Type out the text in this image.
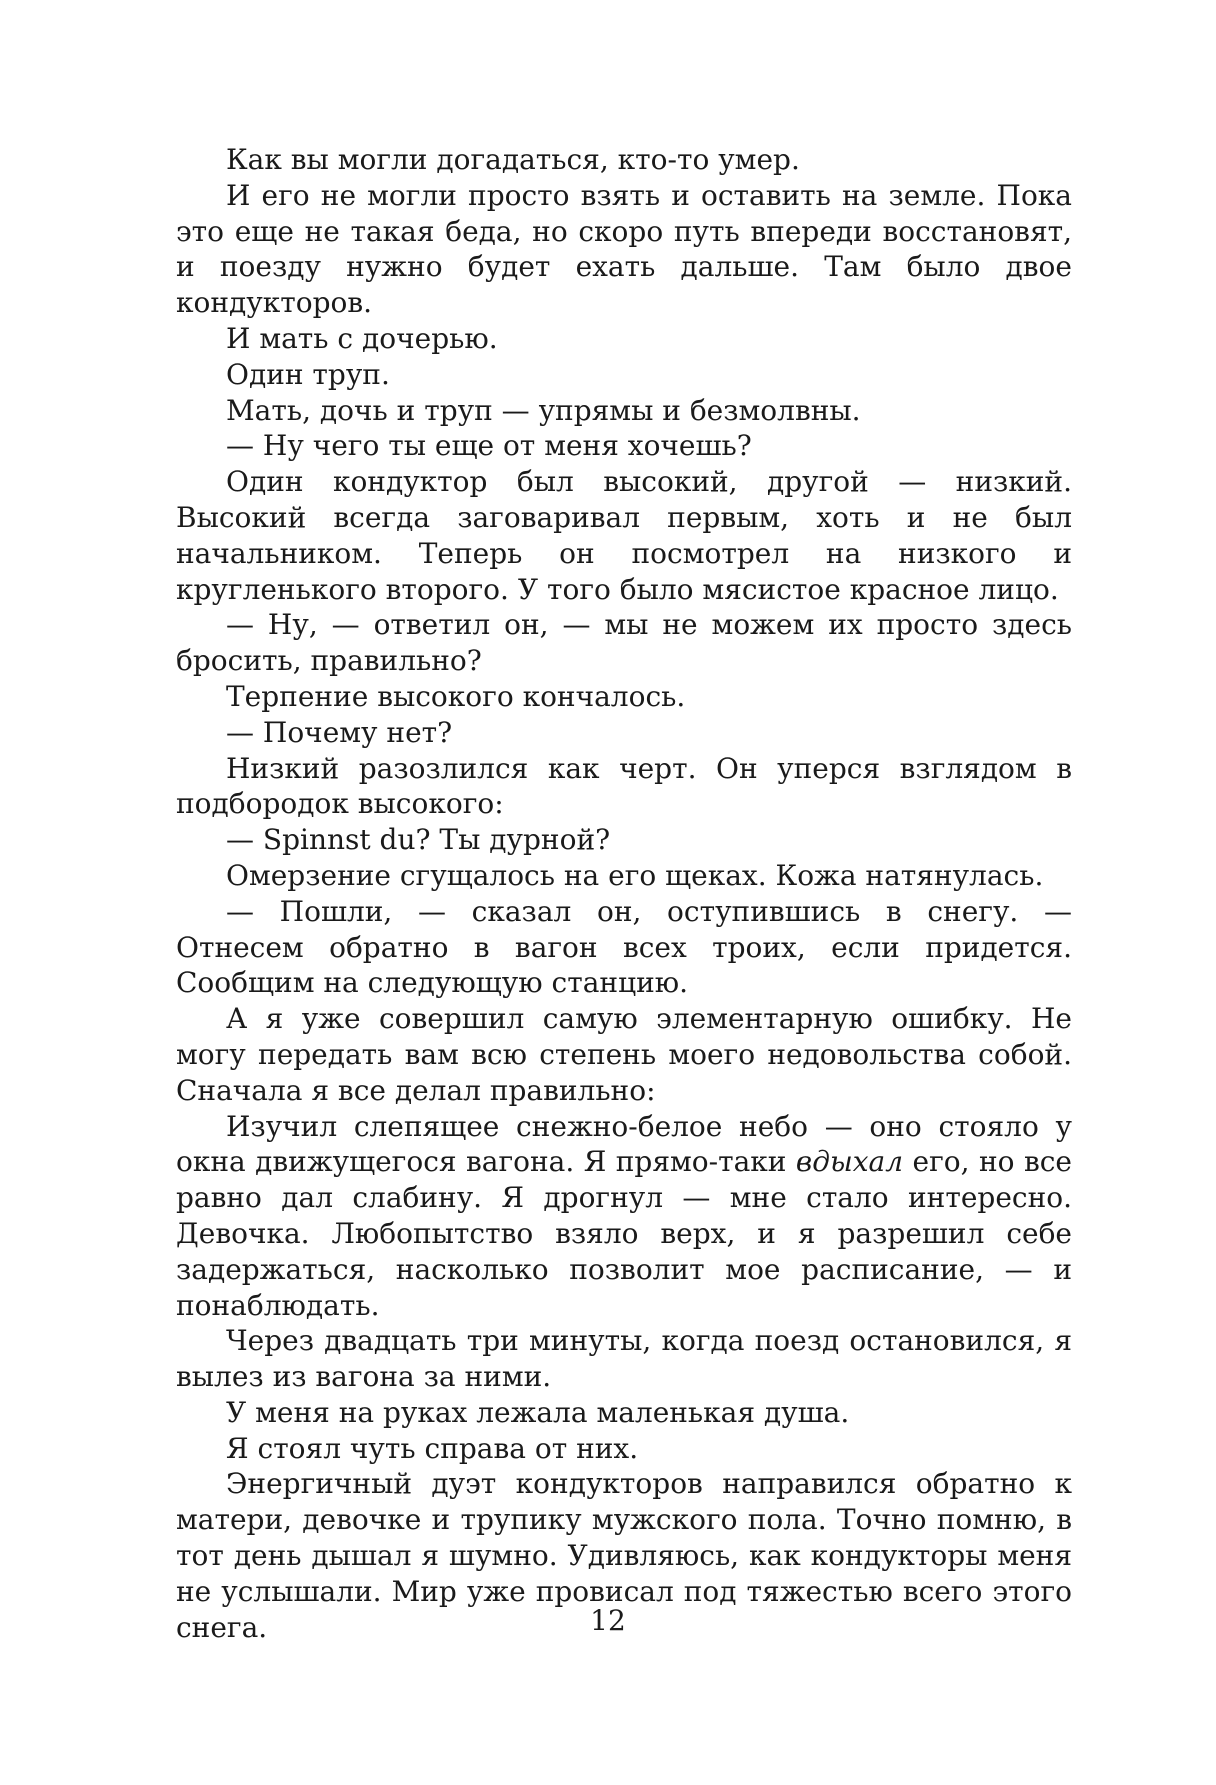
Как вы могли догадаться, кто-то умер.

И его не могли просто взять и оставить на земле. Пока это еще не такая беда, но скоро путь впереди восстановят, и поезду нужно будет ехать дальше. Там было двое кондукторов.

И мать с дочерью.

Один труп.

Мать, дочь и труп — упрямы и безмолвны.

— Ну чего ты еще от меня хочешь?

Один кондуктор был высокий, другой — низкий. Высокий всегда заговаривал первым, хоть и не был начальником. Теперь он посмотрел на низкого и кругленького второго. У того было мясистое красное лицо.

— Ну, — ответил он, — мы не можем их просто здесь бросить, правильно?

Терпение высокого кончалось.

— Почему нет?

Низкий разозлился как черт. Он уперся взглядом в подбородок высокого:

— Spinnst du? Ты дурной?

Омерзение сгущалось на его щеках. Кожа натянулась.

— Пошли, — сказал он, оступившись в снегу. — Отнесем обратно в вагон всех троих, если придется. Сообщим на следующую станцию.

А я уже совершил самую элементарную ошибку. Не могу передать вам всю степень моего недовольства собой. Сначала я все делал правильно:

Изучил слепящее снежно-белое небо — оно стояло у окна движущегося вагона. Я прямо-таки вдыхал его, но все равно дал слабину. Я дрогнул — мне стало интересно. Девочка. Любопытство взяло верх, и я разрешил себе задержаться, насколько позволит мое расписание, — и понаблюдать.

Через двадцать три минуты, когда поезд остановился, я вылез из вагона за ними.

У меня на руках лежала маленькая душа.

Я стоял чуть справа от них.

Энергичный дуэт кондукторов направился обратно к матери, девочке и трупику мужского пола. Точно помню, в тот день дышал я шумно. Удивляюсь, как кондукторы меня не услышали. Мир уже провисал под тяжестью всего этого снега.	12
